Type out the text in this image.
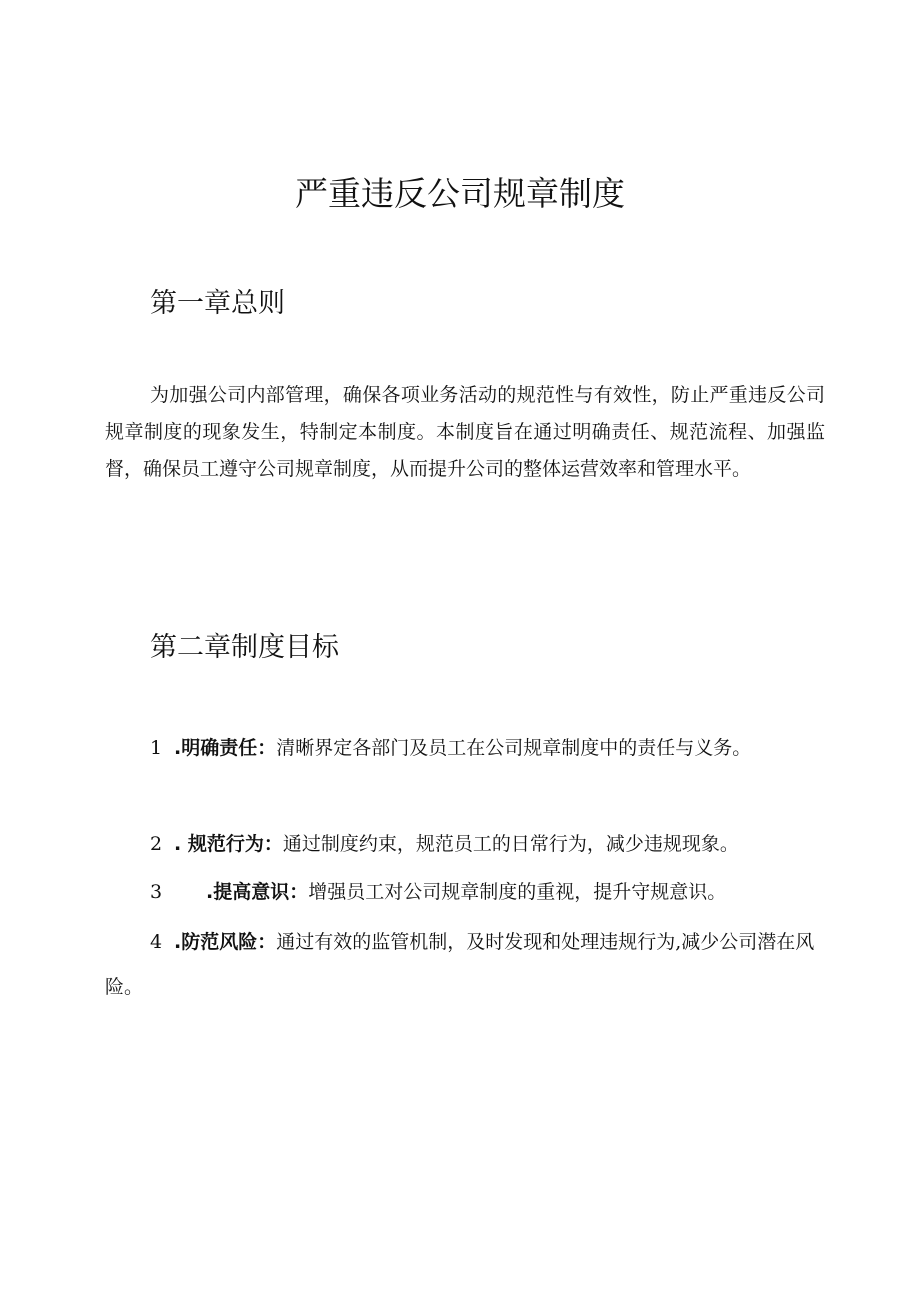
严重违反公司规章制度
第一章总则

为加强公司内部管理，确保各项业务活动的规范性与有效性，防止严重违反公司规章制度的现象发生，特制定本制度。本制度旨在通过明确责任、规范流程、加强监督，确保员工遵守公司规章制度，从而提升公司的整体运营效率和管理水平。

第二章制度目标

1 .明确责任：清晰界定各部门及员工在公司规章制度中的责任与义务。

2 . 规范行为：通过制度约束，规范员工的日常行为，减少违规现象。

3 .提高意识：增强员工对公司规章制度的重视，提升守规意识。

4 .防范风险：通过有效的监管机制，及时发现和处理违规行为,减少公司潜在风险。
